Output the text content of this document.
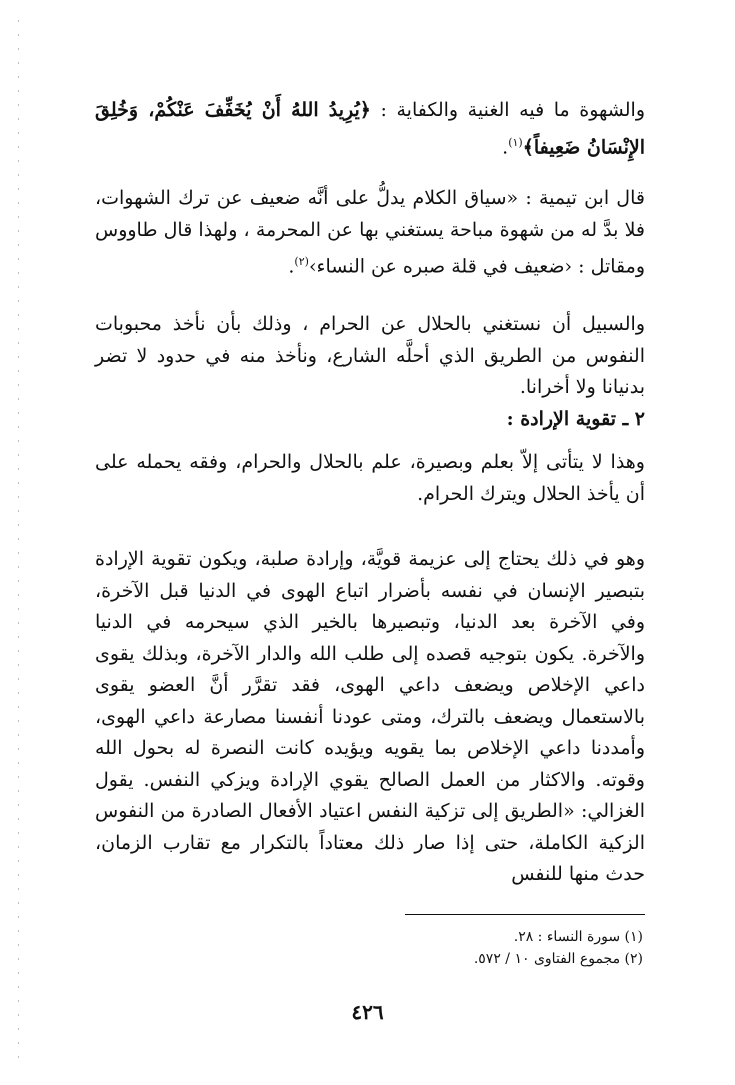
والشهوة ما فيه الغنية والكفاية : ﴿يُرِيدُ اللهُ أَنْ يُخَفِّفَ عَنْكُمْ، وَخُلِقَ الإِنْسَانُ ضَعِيفاً﴾$^{(١)}$.

قال ابن تيمية : «سياق الكلام يدلُّ على أنَّه ضعيف عن ترك الشهوات، فلا بدَّ له من شهوة مباحة يستغني بها عن المحرمة ، ولهذا قال طاووس ومقاتل : ‹ضعيف في قلة صبره عن النساء›$^{(٢)}$.

والسبيل أن نستغني بالحلال عن الحرام ، وذلك بأن نأخذ محبوبات النفوس من الطريق الذي أحلَّه الشارع، ونأخذ منه في حدود لا تضر بدنيانا ولا أخرانا.

٢ ـ تقوية الإرادة :

وهذا لا يتأتى إلاّ بعلم وبصيرة، علم بالحلال والحرام، وفقه يحمله على أن يأخذ الحلال ويترك الحرام.

وهو في ذلك يحتاج إلى عزيمة قويَّة، وإرادة صلبة، ويكون تقوية الإرادة بتبصير الإنسان في نفسه بأضرار اتباع الهوى في الدنيا قبل الآخرة، وفي الآخرة بعد الدنيا، وتبصيرها بالخير الذي سيحرمه في الدنيا والآخرة. يكون بتوجيه قصده إلى طلب الله والدار الآخرة، وبذلك يقوى داعي الإخلاص ويضعف داعي الهوى، فقد تقرَّر أنَّ العضو يقوى بالاستعمال ويضعف بالترك، ومتى عودنا أنفسنا مصارعة داعي الهوى، وأمددنا داعي الإخلاص بما يقويه ويؤيده كانت النصرة له بحول الله وقوته. والاكثار من العمل الصالح يقوي الإرادة ويزكي النفس. يقول الغزالي: «الطريق إلى تزكية النفس اعتياد الأفعال الصادرة من النفوس الزكية الكاملة، حتى إذا صار ذلك معتاداً بالتكرار مع تقارب الزمان، حدث منها للنفس

(١) سورة النساء : ٢٨.

(٢) مجموع الفتاوى ١٠ / ٥٧٢.

٤٢٦
